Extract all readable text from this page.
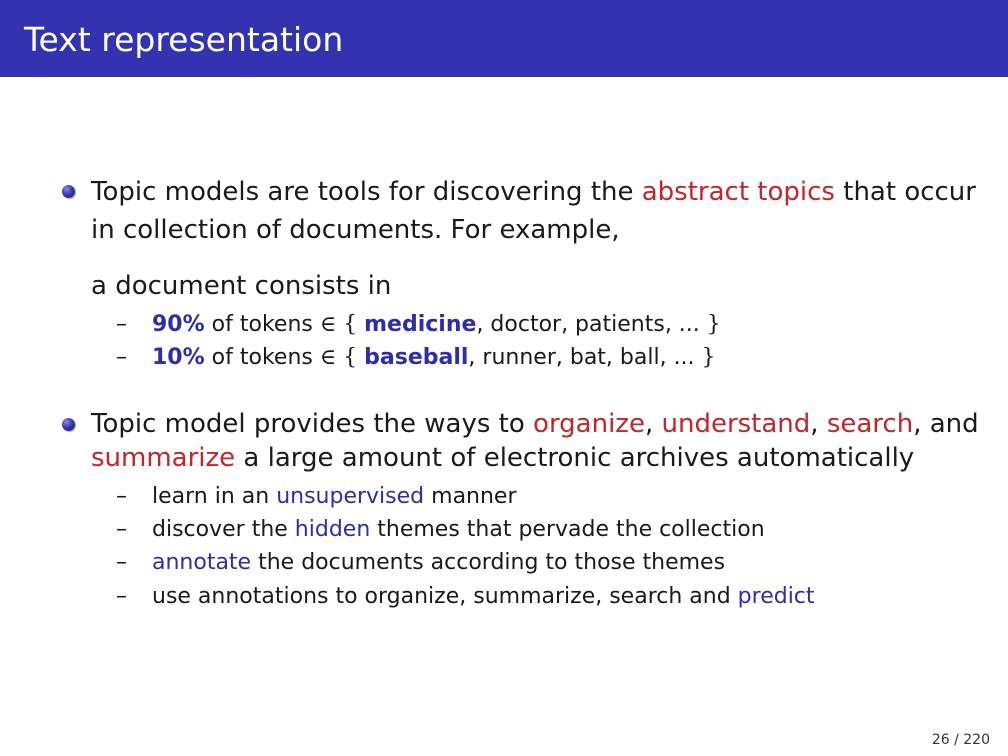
Text representation
Topic models are tools for discovering the abstract topics that occur
in collection of documents. For example,
a document consists in
– 90% of tokens ∈ { medicine, doctor, patients, ... }
– 10% of tokens ∈ { baseball, runner, bat, ball, ... }
Topic model provides the ways to organize, understand, search, and
summarize a large amount of electronic archives automatically
– learn in an unsupervised manner
– discover the hidden themes that pervade the collection
– annotate the documents according to those themes
– use annotations to organize, summarize, search and predict
26 / 220
